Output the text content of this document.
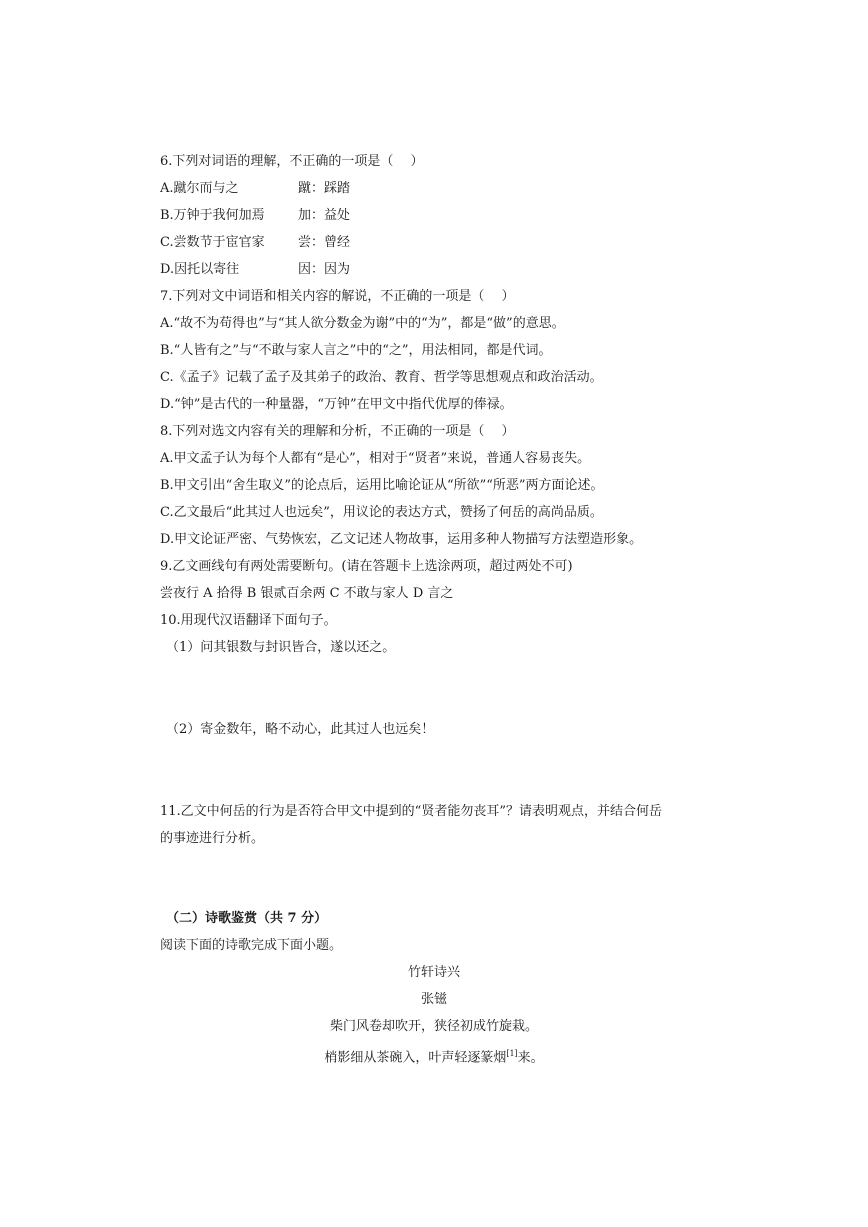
6.下列对词语的理解，不正确的一项是（　 ）
A.蹴尔而与之	蹴：踩踏
B.万钟于我何加焉	加：益处
C.尝数节于宦官家	尝：曾经
D.因托以寄往	因：因为
7.下列对文中词语和相关内容的解说，不正确的一项是（　 ）
A.“故不为苟得也”与“其人欲分数金为谢”中的“为”，都是“做”的意思。
B.“人皆有之”与“不敢与家人言之”中的“之”，用法相同，都是代词。
C.《孟子》记载了孟子及其弟子的政治、教育、哲学等思想观点和政治活动。
D.“钟”是古代的一种量器，“万钟”在甲文中指代优厚的俸禄。
8.下列对选文内容有关的理解和分析，不正确的一项是（　 ）
A.甲文孟子认为每个人都有“是心”，相对于“贤者”来说，普通人容易丧失。
B.甲文引出“舍生取义”的论点后，运用比喻论证从“所欲”“所恶”两方面论述。
C.乙文最后“此其过人也远矣”，用议论的表达方式，赞扬了何岳的高尚品质。
D.甲文论证严密、气势恢宏，乙文记述人物故事，运用多种人物描写方法塑造形象。
9.乙文画线句有两处需要断句。(请在答题卡上选涂两项，超过两处不可)
尝夜行 A 拾得 B 银贰百余两 C 不敢与家人 D 言之
10.用现代汉语翻译下面句子。
（1）问其银数与封识皆合，遂以还之。
（2）寄金数年，略不动心，此其过人也远矣！
11.乙文中何岳的行为是否符合甲文中提到的“贤者能勿丧耳”？请表明观点，并结合何岳
的事迹进行分析。
（二）诗歌鉴赏（共 7 分）
阅读下面的诗歌完成下面小题。
竹轩诗兴
张镃
柴门风卷却吹开，狭径初成竹旋栽。
梢影细从茶碗入，叶声轻逐篆烟[1]来。
